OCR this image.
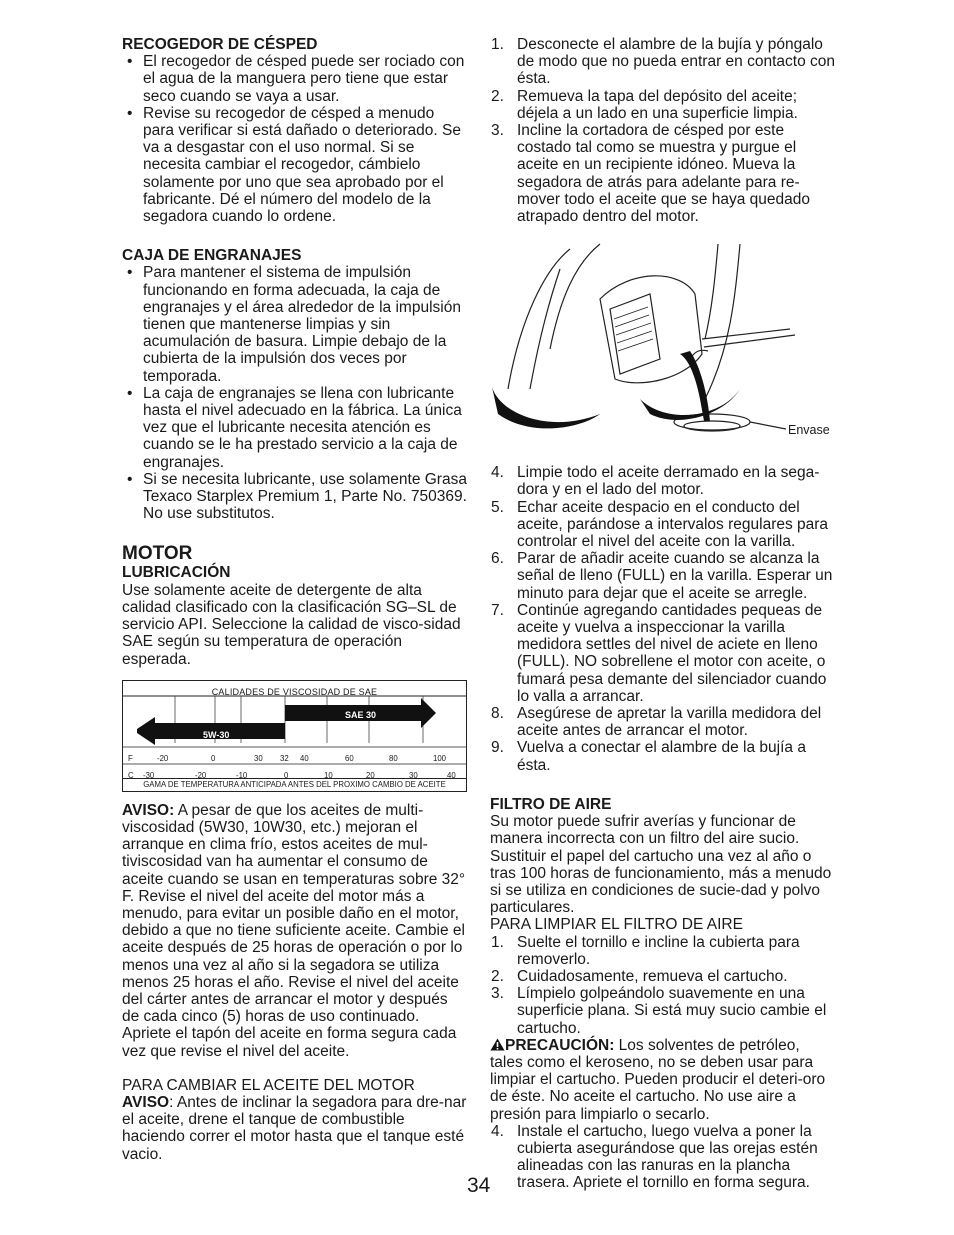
RECOGEDOR DE CÉSPED
• El recogedor de césped puede ser rociado con el agua de la manguera pero tiene que estar seco cuando se vaya a usar.
• Revise su recogedor de césped a menudo para verificar si está dañado o deteriorado. Se va a desgastar con el uso normal. Si se necesita cambiar el recogedor, cámbielo solamente por uno que sea aprobado por el fabricante. Dé el número del modelo de la segadora cuando lo ordene.
CAJA DE ENGRANAJES
• Para mantener el sistema de impulsión funcionando en forma adecuada, la caja de engranajes y el área alrededor de la impulsión tienen que mantenerse limpias y sin acumulación de basura. Limpie debajo de la cubierta de la impulsión dos veces por temporada.
• La caja de engranajes se llena con lubricante hasta el nivel adecuado en la fábrica. La única vez que el lubricante necesita atención es cuando se le ha prestado servicio a la caja de engranajes.
• Si se necesita lubricante, use solamente Grasa Texaco Starplex Premium 1, Parte No. 750369. No use substitutos.
MOTOR
LUBRICACIÓN

Use solamente aceite de detergente de alta calidad clasificado con la clasificación SG–SL de servicio API. Seleccione la calidad de visco-sidad SAE según su temperatura de operación esperada.

CALIDADES DE VISCOSIDAD DE SAE
5W-30
SAE 30
F	-20	0	30 32 40	60	80	100
C -30	-20	-10	0	10	20	30	40
GAMA DE TEMPERATURA ANTICIPADA ANTES DEL PROXIMO CAMBIO DE ACEITE

AVISO: A pesar de que los aceites de multi-viscosidad (5W30, 10W30, etc.) mejoran el arranque en clima frío, estos aceites de mul-tiviscosidad van ha aumentar el consumo de aceite cuando se usan en temperaturas sobre 32° F. Revise el nivel del aceite del motor más a menudo, para evitar un posible daño en el motor, debido a que no tiene suficiente aceite. Cambie el aceite después de 25 horas de operación o por lo menos una vez al año si la segadora se utiliza menos 25 horas el año. Revise el nivel del aceite del cárter antes de arrancar el motor y después de cada cinco (5) horas de uso continuado. Apriete el tapón del aceite en forma segura cada vez que revise el nivel del aceite.

PARA CAMBIAR EL ACEITE DEL MOTOR

AVISO: Antes de inclinar la segadora para dre-nar el aceite, drene el tanque de combustible haciendo correr el motor hasta que el tanque esté vacio.

1. Desconecte el alambre de la bujía y póngalo de modo que no pueda entrar en contacto con ésta.
2. Remueva la tapa del depósito del aceite; déjela a un lado en una superficie limpia.
3. Incline la cortadora de césped por este costado tal como se muestra y purgue el aceite en un recipiente idóneo. Mueva la segadora de atrás para adelante para re-mover todo el aceite que se haya quedado atrapado dentro del motor.
Envase
4. Limpie todo el aceite derramado en la sega-dora y en el lado del motor.
5. Echar aceite despacio en el conducto del aceite, parándose a intervalos regulares para controlar el nivel del aceite con la varilla.
6. Parar de añadir aceite cuando se alcanza la señal de lleno (FULL) en la varilla. Esperar un minuto para dejar que el aceite se arregle.
7. Continúe agregando cantidades pequeas de aceite y vuelva a inspeccionar la varilla medidora settles del nivel de aciete en lleno (FULL). NO sobrellene el motor con aceite, o fumará pesa demante del silenciador cuando lo valla a arrancar.
8. Asegúrese de apretar la varilla medidora del aceite antes de arrancar el motor.
9. Vuelva a conectar el alambre de la bujía a ésta.
FILTRO DE AIRE

Su motor puede sufrir averías y funcionar de manera incorrecta con un filtro del aire sucio. Sustituir el papel del cartucho una vez al año o tras 100 horas de funcionamiento, más a menudo si se utiliza en condiciones de sucie-dad y polvo particulares.

PARA LIMPIAR EL FILTRO DE AIRE

1. Suelte el tornillo e incline la cubierta para removerlo.
2. Cuidadosamente, remueva el cartucho.
3. Límpielo golpeándolo suavemente en una superficie plana. Si está muy sucio cambie el cartucho.

PRECAUCIÓN: Los solventes de petróleo, tales como el keroseno, no se deben usar para limpiar el cartucho. Pueden producir el deteri-oro de éste. No aceite el cartucho. No use aire a presión para limpiarlo o secarlo.

4. Instale el cartucho, luego vuelva a poner la cubierta asegurándose que las orejas estén alineadas con las ranuras en la plancha trasera. Apriete el tornillo en forma segura.
34
